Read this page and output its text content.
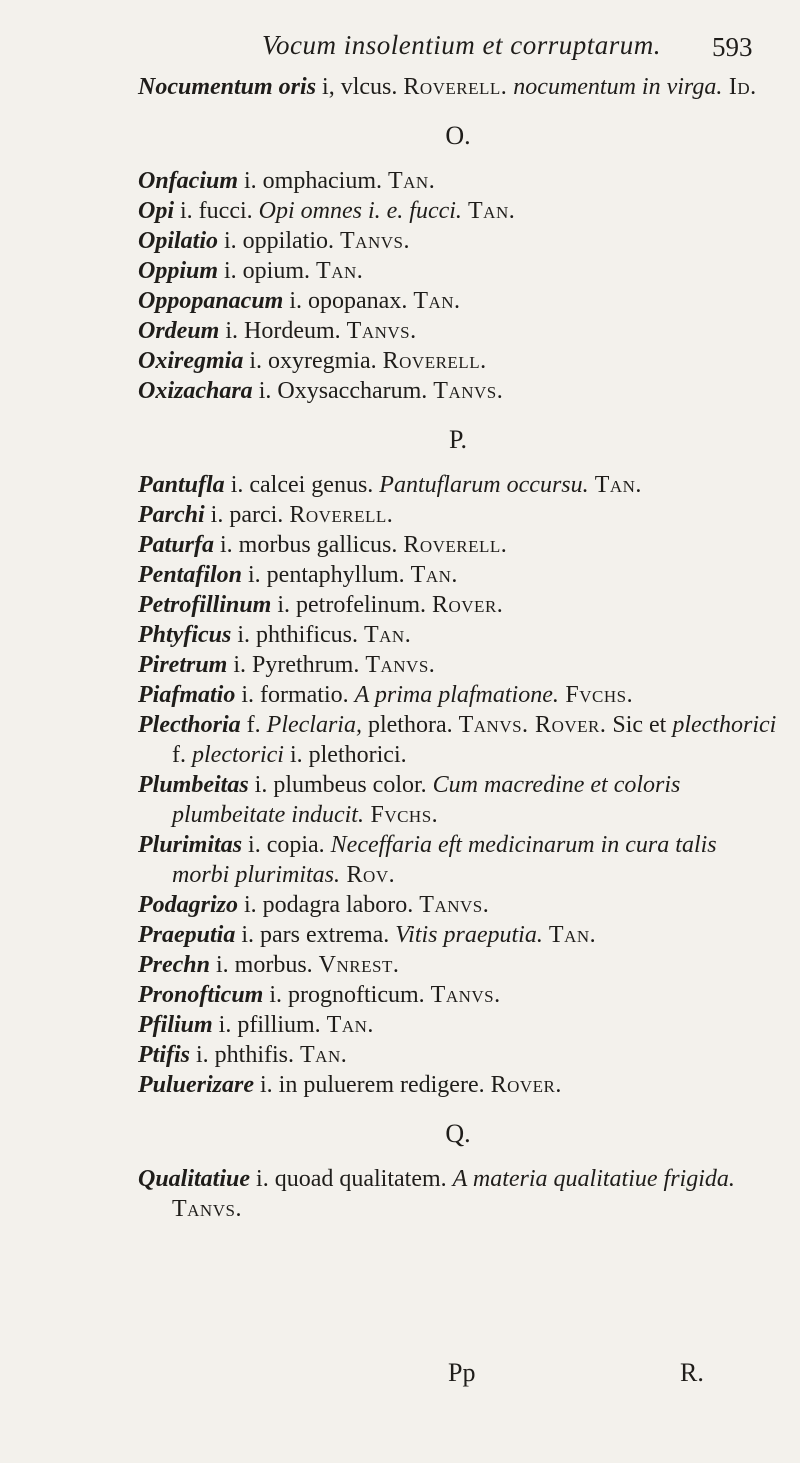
Vocum insolentium et corruptarum. 593
Nocumentum oris i, vlcus. Roverell. nocumentum in virga. Id.
O.
Onfacium i. omphacium. Tan.
Opi i. fucci. Opi omnes i. e. fucci. Tan.
Opilatio i. oppilatio. Tanvs.
Oppium i. opium. Tan.
Oppopanacum i. opopanax. Tan.
Ordeum i. Hordeum. Tanvs.
Oxiregmia i. oxyregmia. Roverell.
Oxizachara i. Oxysaccharum. Tanvs.
P.
Pantufla i. calcei genus. Pantuflarum occursu. Tan.
Parchi i. parci. Roverell.
Paturfa i. morbus gallicus. Roverell.
Pentafilon i. pentaphyllum. Tan.
Petrofillinum i. petrofelinum. Rover.
Phtyficus i. phthificus. Tan.
Piretrum i. Pyrethrum. Tanvs.
Piafmatio i. formatio. A prima plafmatione. Fvchs.
Plecthoria f. Pleclaria, plethora. Tanvs. Rover. Sic et plecthorici f. plectorici i. plethorici.
Plumbeitas i. plumbeus color. Cum macredine et coloris plumbeitate inducit. Fvchs.
Plurimitas i. copia. Neceffaria eft medicinarum in cura talis morbi plurimitas. Rov.
Podagrizo i. podagra laboro. Tanvs.
Praeputia i. pars extrema. Vitis praeputia. Tan.
Prechn i. morbus. Vnrest.
Pronofticum i. prognofticum. Tanvs.
Pfilium i. pfillium. Tan.
Ptifis i. phthifis. Tan.
Puluerizare i. in puluerem redigere. Rover.
Q.
Qualitatiue i. quoad qualitatem. A materia qualitatiue frigida. Tanvs.
Pp	R.
